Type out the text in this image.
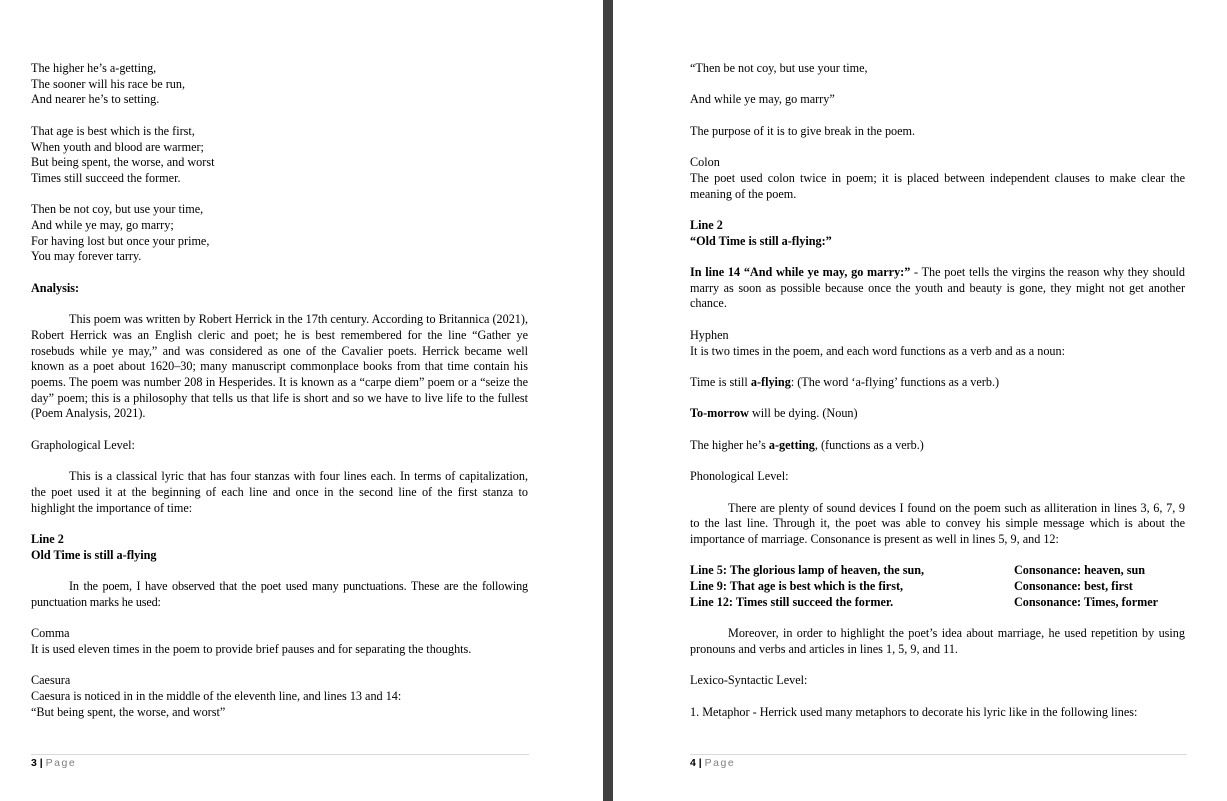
The higher he’s a-getting,
The sooner will his race be run,
And nearer he’s to setting.
That age is best which is the first,
When youth and blood are warmer;
But being spent, the worse, and worst
Times still succeed the former.
Then be not coy, but use your time,
And while ye may, go marry;
For having lost but once your prime,
You may forever tarry.
Analysis:
This poem was written by Robert Herrick in the 17th century. According to Britannica (2021), Robert Herrick was an English cleric and poet; he is best remembered for the line “Gather ye rosebuds while ye may,” and was considered as one of the Cavalier poets. Herrick became well known as a poet about 1620–30; many manuscript commonplace books from that time contain his poems. The poem was number 208 in Hesperides. It is known as a “carpe diem” poem or a “seize the day” poem; this is a philosophy that tells us that life is short and so we have to live life to the fullest (Poem Analysis, 2021).
Graphological Level:
This is a classical lyric that has four stanzas with four lines each. In terms of capitalization, the poet used it at the beginning of each line and once in the second line of the first stanza to highlight the importance of time:
Line 2
Old Time is still a-flying
In the poem, I have observed that the poet used many punctuations. These are the following punctuation marks he used:
Comma
It is used eleven times in the poem to provide brief pauses and for separating the thoughts.
Caesura
Caesura is noticed in in the middle of the eleventh line, and lines 13 and 14:
“But being spent, the worse, and worst”
3 | Page
“Then be not coy, but use your time,
And while ye may, go marry”
The purpose of it is to give break in the poem.
Colon
The poet used colon twice in poem; it is placed between independent clauses to make clear the meaning of the poem.
Line 2
“Old Time is still a-flying:”
In line 14 “And while ye may, go marry:” - The poet tells the virgins the reason why they should marry as soon as possible because once the youth and beauty is gone, they might not get another chance.
Hyphen
It is two times in the poem, and each word functions as a verb and as a noun:
Time is still a-flying: (The word ‘a-flying’ functions as a verb.)
To-morrow will be dying. (Noun)
The higher he’s a-getting, (functions as a verb.)
Phonological Level:
There are plenty of sound devices I found on the poem such as alliteration in lines 3, 6, 7, 9 to the last line. Through it, the poet was able to convey his simple message which is about the importance of marriage. Consonance is present as well in lines 5, 9, and 12:
Line 5: The glorious lamp of heaven, the sun,	Consonance: heaven, sun
Line 9: That age is best which is the first,	Consonance: best, first
Line 12: Times still succeed the former.	Consonance: Times, former
Moreover, in order to highlight the poet’s idea about marriage, he used repetition by using pronouns and verbs and articles in lines 1, 5, 9, and 11.
Lexico-Syntactic Level:
1. Metaphor - Herrick used many metaphors to decorate his lyric like in the following lines:
4 | Page
